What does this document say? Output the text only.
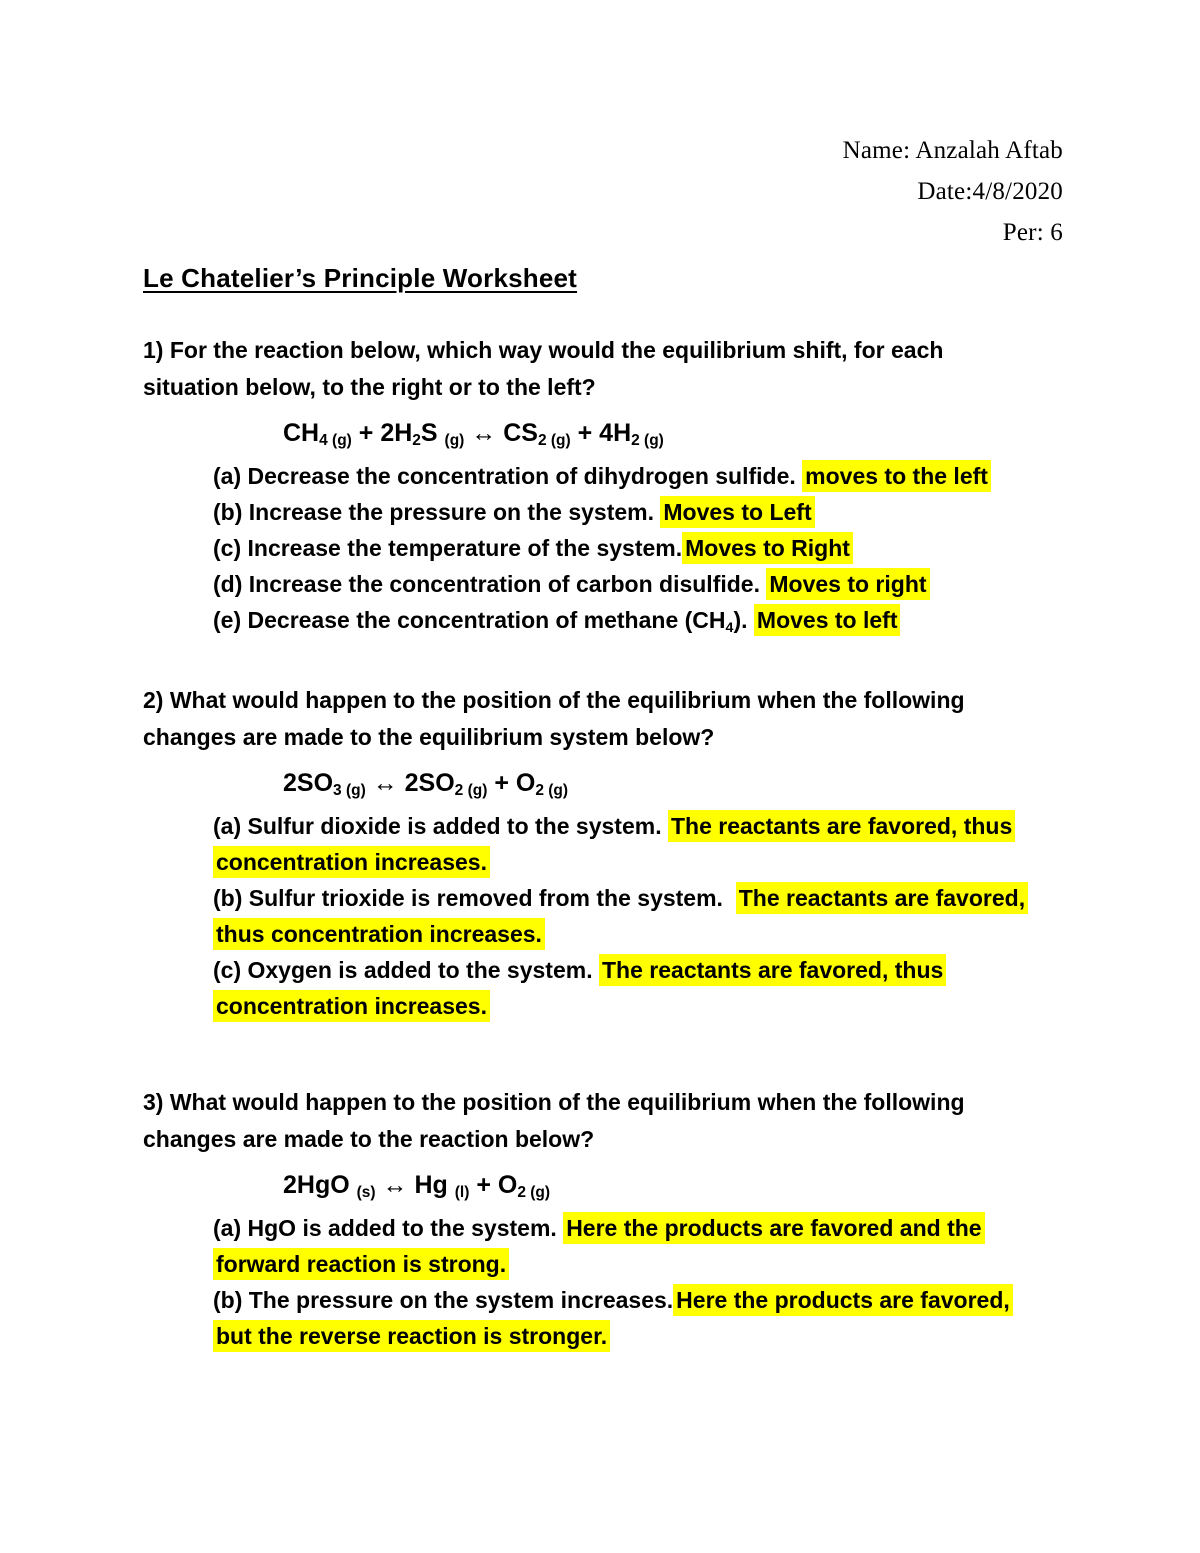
Name: Anzalah Aftab
Date:4/8/2020
Per: 6
Le Chatelier’s Principle Worksheet

1) For the reaction below, which way would the equilibrium shift, for each situation below, to the right or to the left?

$CH_{4 (g)} + 2H_2S$ $_{(g)}$ ↔ $CS_{2 (g)} + 4H_{2 (g)}$
(a) Decrease the concentration of dihydrogen sulfide. moves to the left
(b) Increase the pressure on the system. Moves to Left
(c) Increase the temperature of the system. Moves to Right
(d) Increase the concentration of carbon disulfide. Moves to right
(e) Decrease the concentration of methane $(CH_4)$. Moves to left

2) What would happen to the position of the equilibrium when the following changes are made to the equilibrium system below?

$2SO_{3 (g)}$ ↔ $2SO_{2 (g)} + O_{2 (g)}$
(a) Sulfur dioxide is added to the system. The reactants are favored, thus
concentration increases.
(b) Sulfur trioxide is removed from the system.  The reactants are favored,
thus concentration increases.
(c) Oxygen is added to the system. The reactants are favored, thus
concentration increases.

3) What would happen to the position of the equilibrium when the following changes are made to the reaction below?

2HgO $_{(s)}$ ↔ Hg $_{(l)} + O_{2 (g)}$
(a) HgO is added to the system. Here the products are favored and the
forward reaction is strong.
(b) The pressure on the system increases. Here the products are favored,
but the reverse reaction is stronger.
